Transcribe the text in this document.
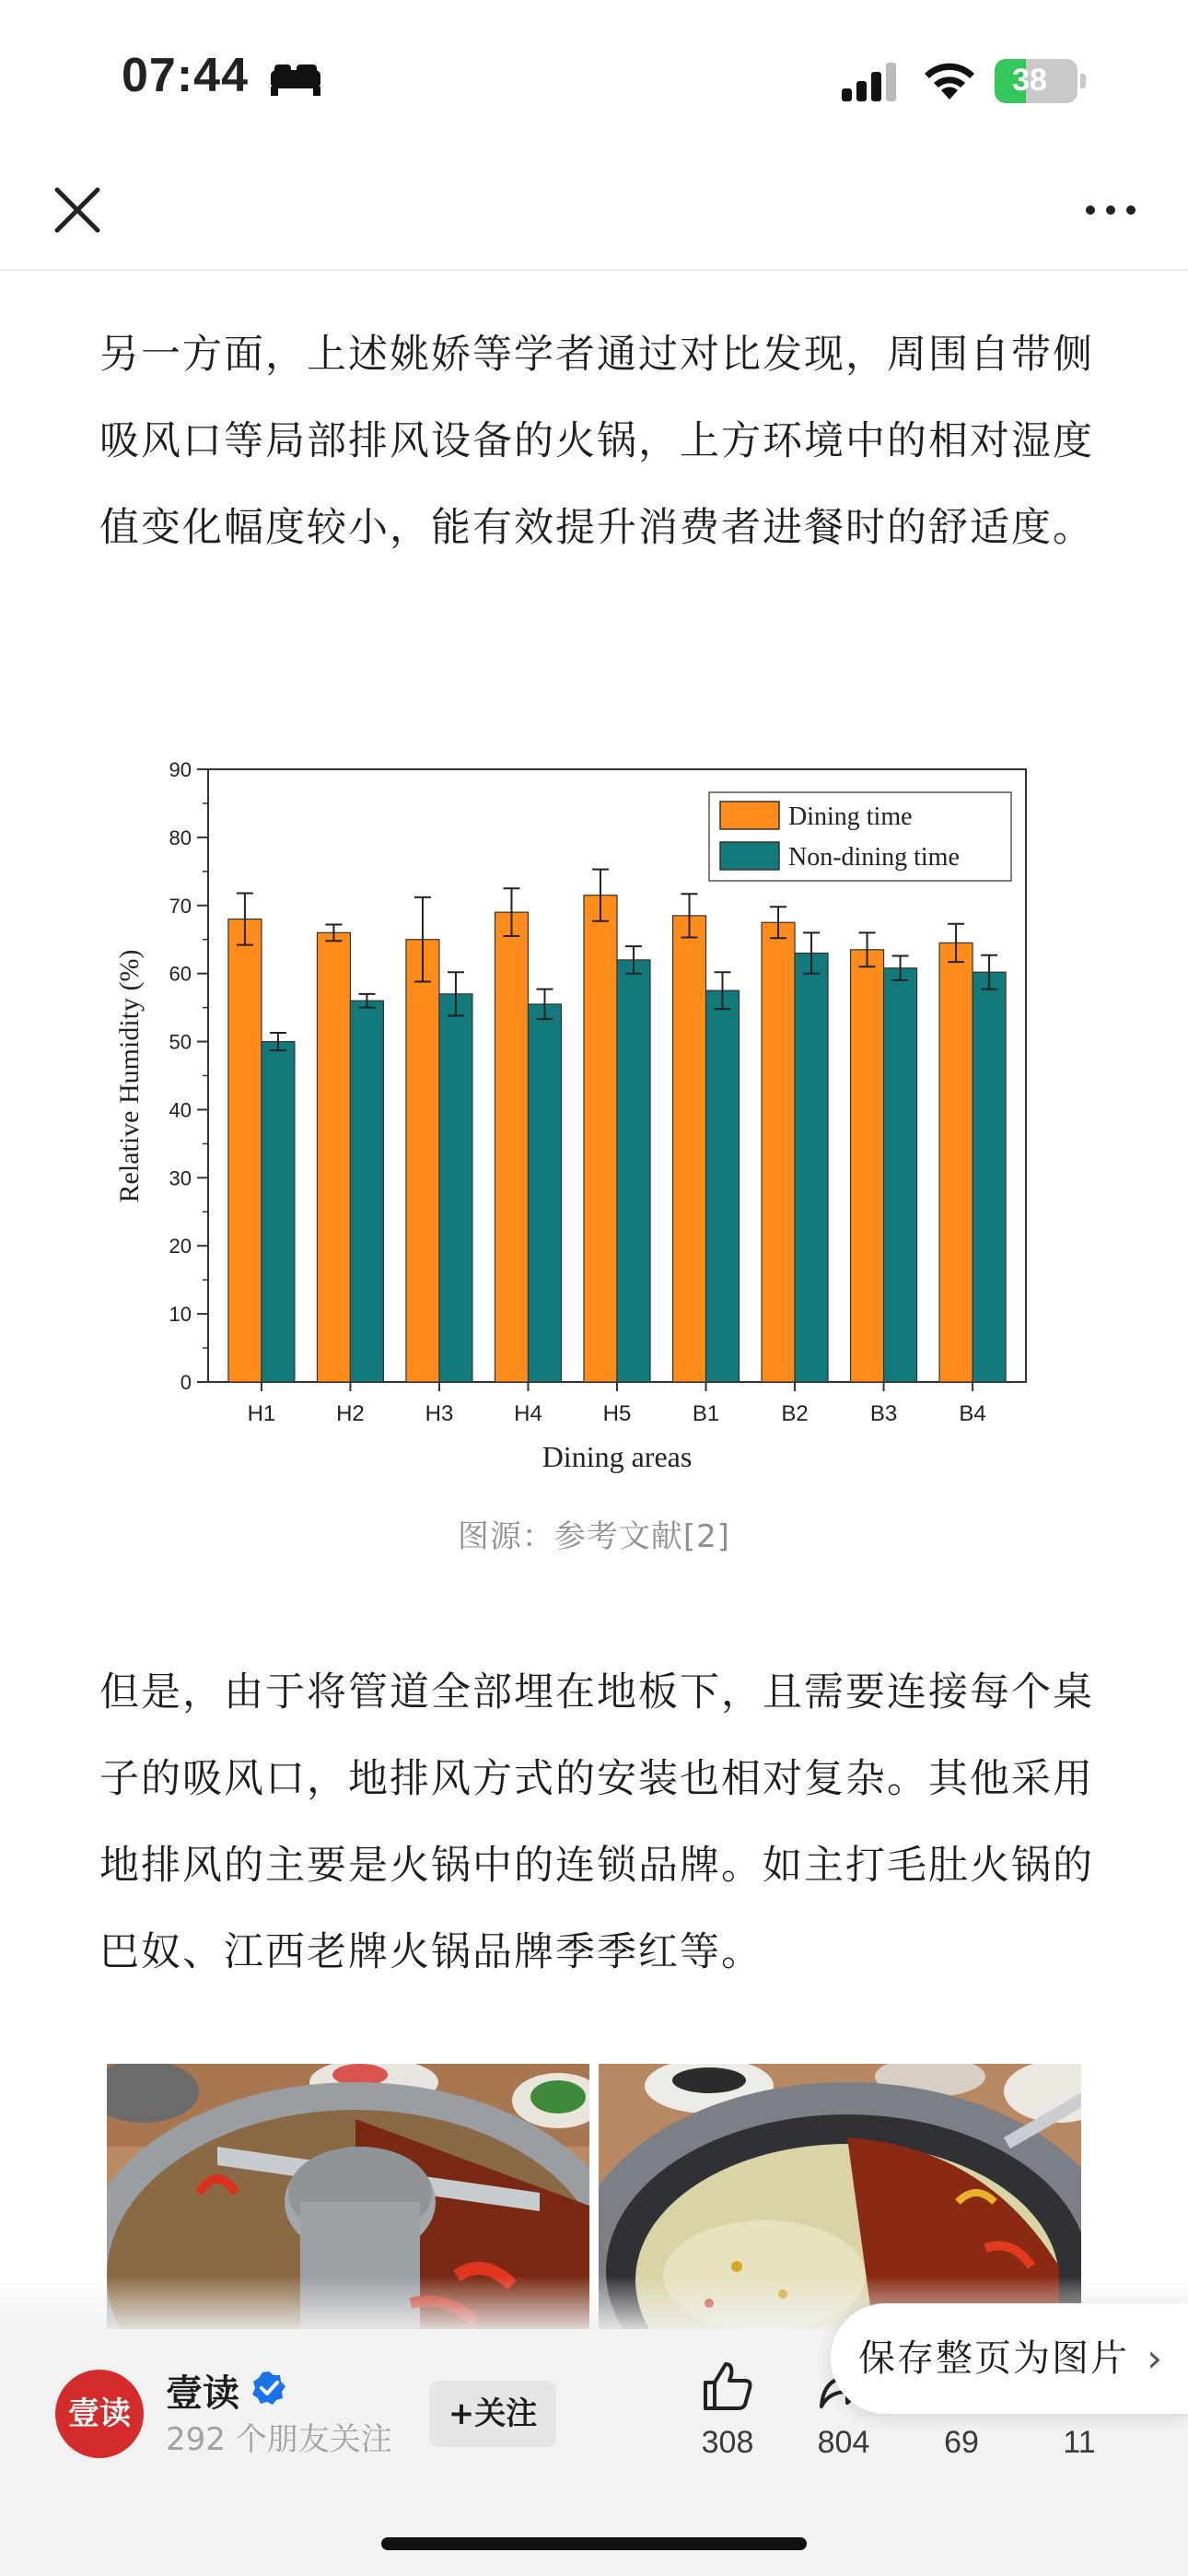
07:44	38
另一方面，上述姚娇等学者通过对比发现，周围自带侧吸风口等局部排风设备的火锅，上方环境中的相对湿度值变化幅度较小，能有效提升消费者进餐时的舒适度。
0
10
20
30
40
50
60
70
80
90
H1	H2	H3	H4	H5	B1	B2	B3	B4
Relative Humidity (%)
Dining areas
Dining time
Non-dining time
图源：参考文献[2]
但是，由于将管道全部埋在地板下，且需要连接每个桌子的吸风口，地排风方式的安装也相对复杂。其他采用地排风的主要是火锅中的连锁品牌。如主打毛肚火锅的巴奴、江西老牌火锅品牌季季红等。
壹读 壹读
292 个朋友关注
+关注
308	804	69	11
保存整页为图片 ›
